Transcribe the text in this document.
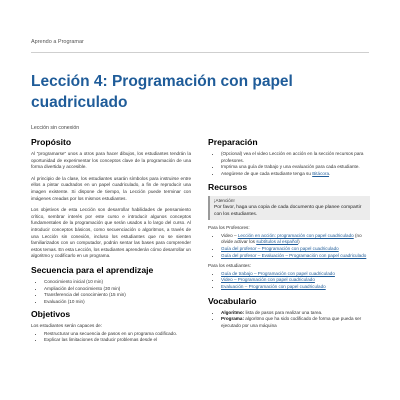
Aprendo a Programar
Lección 4: Programación con papel cuadriculado
Lección sin conexión
Propósito

Al "programarse" unos a otros para hacer dibujos, los estudiantes tendrán la oportunidad de experimentar los conceptos clave de la programación de una forma divertida y accesible.

Al principio de la clase, los estudiantes usarán símbolos para instruirse entre ellos a pintar cuadrados en un papel cuadriculado, a fin de reproducir una imagen existente. Si dispone de tiempo, la Lección puede terminar con imágenes creadas por los mismos estudiantes.

Los objetivos de esta Lección son desarrollar habilidades de pensamiento crítico, sembrar interés por este curso e introducir algunos conceptos fundamentales de la programación que serán usados a lo largo del curso. Al introducir conceptos básicos, como secuenciación o algoritmos, a través de una Lección sin conexión, incluso los estudiantes que no se sienten familiarizados con un computador, podrán sentar las bases para comprender estos temas. En esta Lección, los estudiantes aprenderán cómo desarrollar un algoritmo y codificarlo en un programa.

Secuencia para el aprendizaje
• Conocimiento inicial (10 min)
• Ampliación del conocimiento (30 min)
• Transferencia del conocimiento (15 min)
• Evaluación (10 min)
Objetivos
Los estudiantes serán capaces de:
• Restructurar una secuencia de pasos en un programa codificado.
• Explicar las limitaciones de traducir problemas desde el
Preparación
• (Opcional) vea el video Lección en acción en la sección recursos para profesores.
• Imprima una guía de trabajo y una evaluación para cada estudiante.
• Asegúrese de que cada estudiante tenga su Bitácora.
Recursos
¡Atención!
Por favor, haga una copia de cada documento que planee compartir con los estudiantes.
Para los Profesores:
• Video – Lección en acción: programación con papel cuadriculado (no olvide activar los subtítulos al español)
• Guía del profesor – Programación con papel cuadriculado
• Guía del profesor – Evaluación – Programación con papel cuadriculado
Para los estudiantes:
• Guía de trabajo – Programación con papel cuadriculado
• Video – Programación con papel cuadriculado
• Evaluación – Programación con papel cuadriculado
Vocabulario
• Algoritmo: lista de pasos para realizar una tarea.
• Programa: algoritmo que ha sido codificado de forma que pueda ser ejecutado por una máquina
